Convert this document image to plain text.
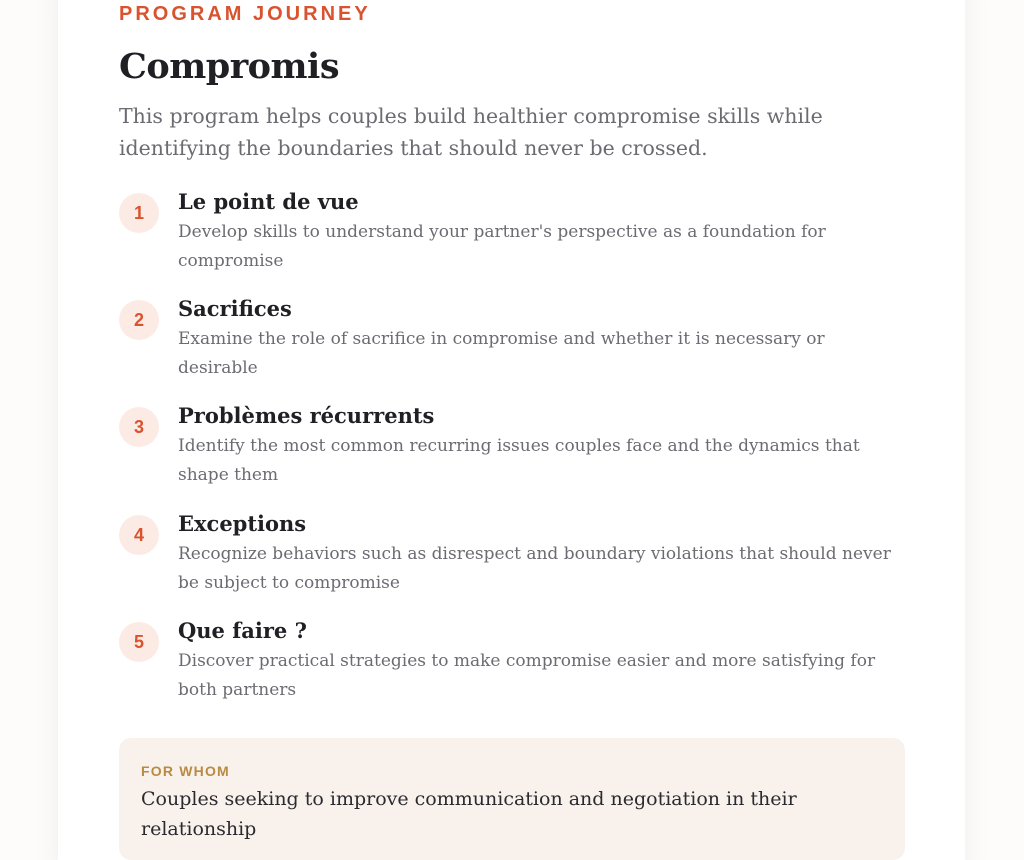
PROGRAM JOURNEY
Compromis
This program helps couples build healthier compromise skills while identifying the boundaries that should never be crossed.
1	Le point de vue
Develop skills to understand your partner's perspective as a foundation for compromise
2	Sacrifices
Examine the role of sacrifice in compromise and whether it is necessary or desirable
3	Problèmes récurrents
Identify the most common recurring issues couples face and the dynamics that shape them
4	Exceptions
Recognize behaviors such as disrespect and boundary violations that should never be subject to compromise
5	Que faire ?
Discover practical strategies to make compromise easier and more satisfying for both partners
FOR WHOM
Couples seeking to improve communication and negotiation in their relationship
